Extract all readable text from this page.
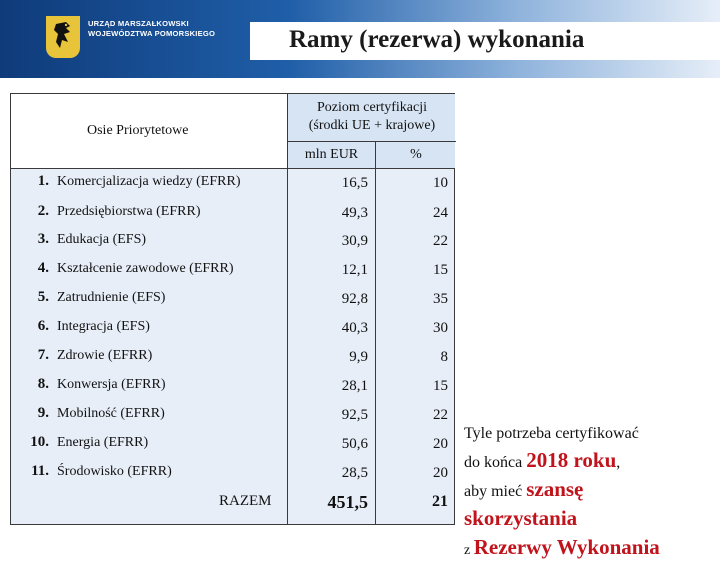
URZĄD MARSZAŁKOWSKI
WOJEWÓDZTWA POMORSKIEGO	Ramy (rezerwa) wykonania
Osie Priorytetowe
Poziom certyfikacji
(środki UE + krajowe)
mln EUR	%
1. Komercjalizacja wiedzy (EFRR)	16,5	10
2. Przedsiębiorstwa (EFRR)	49,3	24
3. Edukacja (EFS)	30,9	22
4. Kształcenie zawodowe (EFRR)	12,1	15
5. Zatrudnienie (EFS)	92,8	35
6. Integracja (EFS)	40,3	30
7. Zdrowie (EFRR)	9,9	8
8. Konwersja (EFRR)	28,1	15
9. Mobilność (EFRR)	92,5	22
10. Energia (EFRR)	50,6	20
11. Środowisko (EFRR)	28,5	20
RAZEM	451,5	21
Tyle potrzeba certyfikować
do końca 2018 roku,
aby mieć szansę
skorzystania
z Rezerwy Wykonania
